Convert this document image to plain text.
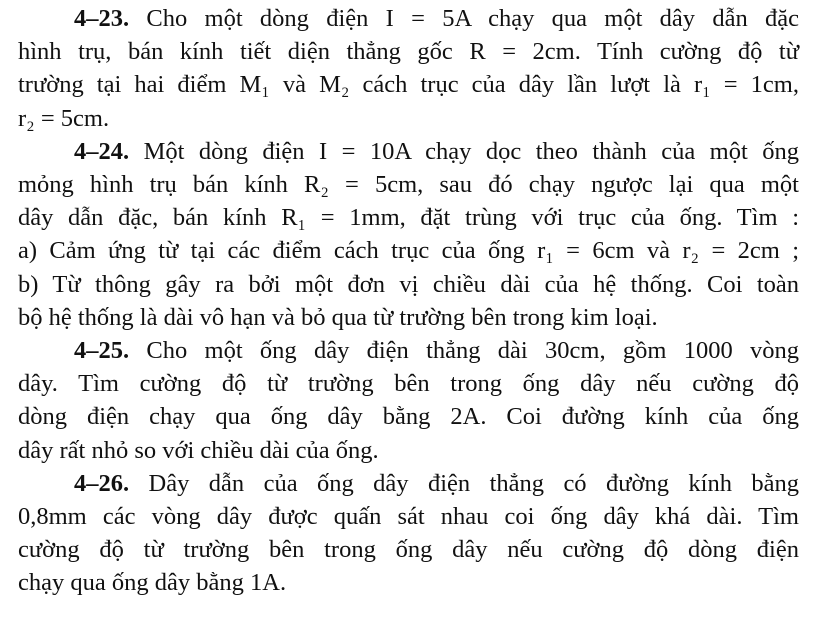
4–23. Cho một dòng điện I = 5A chạy qua một dây dẫn đặc
hình trụ, bán kính tiết diện thẳng gốc R = 2cm. Tính cường độ từ
trường tại hai điểm M₁ và M₂ cách trục của dây lần lượt là r₁ = 1cm,
r₂ = 5cm.
4–24. Một dòng điện I = 10A chạy dọc theo thành của một ống
mỏng hình trụ bán kính R₂ = 5cm, sau đó chạy ngược lại qua một
dây dẫn đặc, bán kính R₁ = 1mm, đặt trùng với trục của ống. Tìm :
a) Cảm ứng từ tại các điểm cách trục của ống r₁ = 6cm và r₂ = 2cm ;
b) Từ thông gây ra bởi một đơn vị chiều dài của hệ thống. Coi toàn
bộ hệ thống là dài vô hạn và bỏ qua từ trường bên trong kim loại.
4–25. Cho một ống dây điện thẳng dài 30cm, gồm 1000 vòng
dây. Tìm cường độ từ trường bên trong ống dây nếu cường độ
dòng điện chạy qua ống dây bằng 2A. Coi đường kính của ống
dây rất nhỏ so với chiều dài của ống.
4–26. Dây dẫn của ống dây điện thẳng có đường kính bằng
0,8mm các vòng dây được quấn sát nhau coi ống dây khá dài. Tìm
cường độ từ trường bên trong ống dây nếu cường độ dòng điện
chạy qua ống dây bằng 1A.
